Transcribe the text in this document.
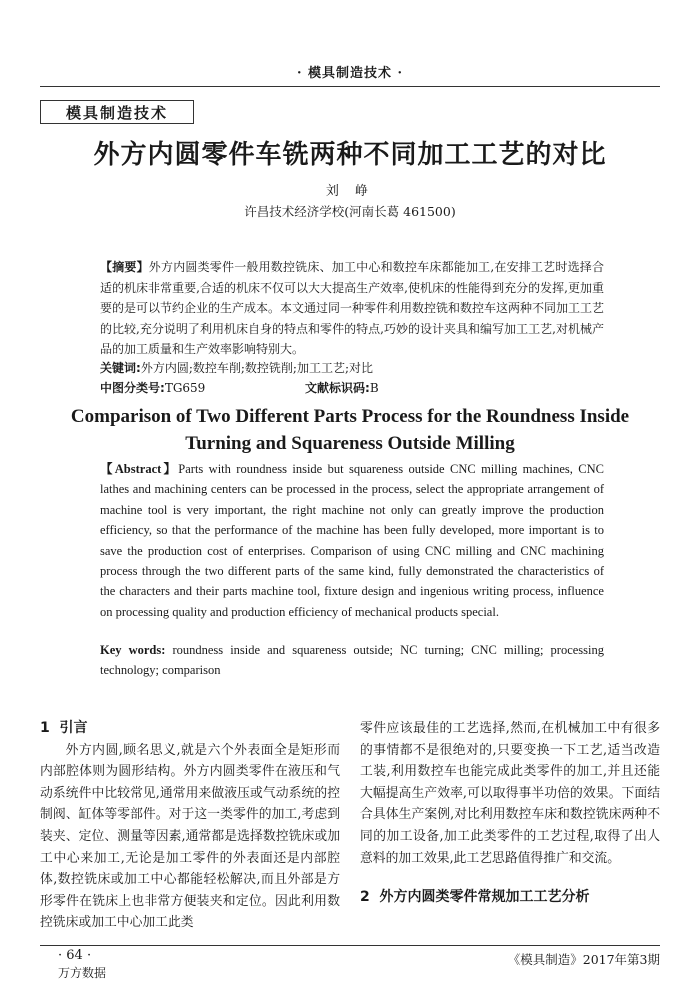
· 模具制造技术 ·
模具制造技术
外方内圆零件车铣两种不同加工工艺的对比
刘 峥
许昌技术经济学校(河南长葛 461500)
【摘要】外方内圆类零件一般用数控铣床、加工中心和数控车床都能加工,在安排工艺时选择合适的机床非常重要,合适的机床不仅可以大大提高生产效率,使机床的性能得到充分的发挥,更加重要的是可以节约企业的生产成本。本文通过同一种零件利用数控铣和数控车这两种不同加工工艺的比较,充分说明了利用机床自身的特点和零件的特点,巧妙的设计夹具和编写加工工艺,对机械产品的加工质量和生产效率影响特别大。
关键词:外方内圆;数控车削;数控铣削;加工工艺;对比
中图分类号:TG659	文献标识码:B
Comparison of Two Different Parts Process for the Roundness Inside Turning and Squareness Outside Milling
【Abstract】Parts with roundness inside but squareness outside CNC milling machines, CNC lathes and machining centers can be processed in the process, select the appropriate arrangement of machine tool is very important, the right machine not only can greatly improve the production efficiency, so that the performance of the machine has been fully developed, more important is to save the production cost of enterprises. Comparison of using CNC milling and CNC machining process through the two different parts of the same kind, fully demonstrated the characteristics of the characters and their parts machine tool, fixture design and ingenious writing process, influence on processing quality and production efficiency of mechanical products special.
Key words: roundness inside and squareness outside; NC turning; CNC milling; processing technology; comparison
1 引言
外方内圆,顾名思义,就是六个外表面全是矩形而内部腔体则为圆形结构。外方内圆类零件在液压和气动系统件中比较常见,通常用来做液压或气动系统的控制阀、缸体等零部件。对于这一类零件的加工,考虑到装夹、定位、测量等因素,通常都是选择数控铣床或加工中心来加工,无论是加工零件的外表面还是内部腔体,数控铣床或加工中心都能轻松解决,而且外部是方形零件在铣床上也非常方便装夹和定位。因此利用数控铣床或加工中心加工此类
零件应该最佳的工艺选择,然而,在机械加工中有很多的事情都不是很绝对的,只要变换一下工艺,适当改造工装,利用数控车也能完成此类零件的加工,并且还能大幅提高生产效率,可以取得事半功倍的效果。下面结合具体生产案例,对比利用数控车床和数控铣床两种不同的加工设备,加工此类零件的工艺过程,取得了出人意料的加工效果,此工艺思路值得推广和交流。
2 外方内圆类零件常规加工工艺分析
· 64 ·
万方数据
《模具制造》2017年第3期
